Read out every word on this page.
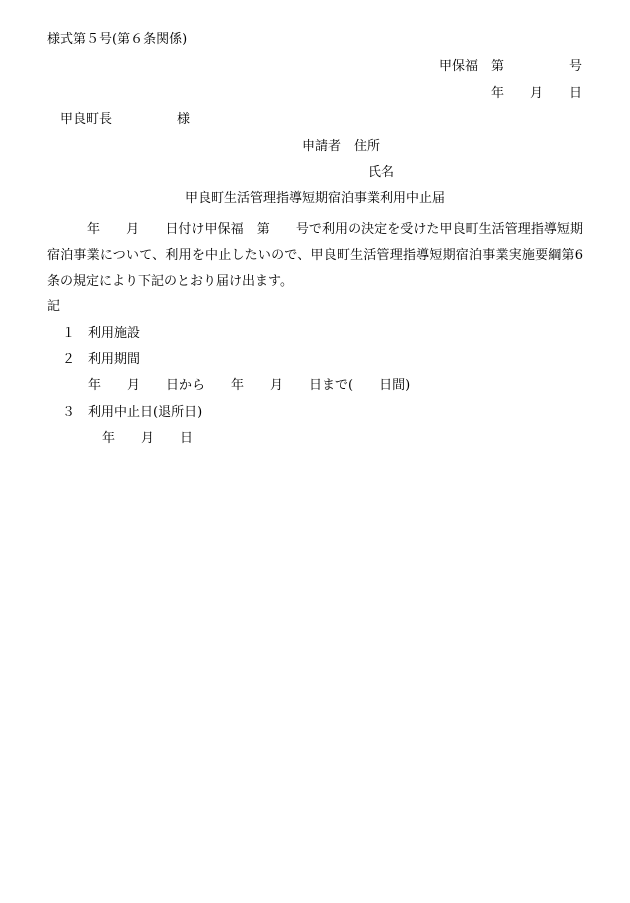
様式第５号(第６条関係)
甲保福　第　　　　　号
年　　月　　日
甲良町長　　　　　様
申請者　住所
氏名
甲良町生活管理指導短期宿泊事業利用中止届
年　　月　　日付け甲保福　第　　号で利用の決定を受けた甲良町生活管理指導短期宿泊事業について、利用を中止したいので、甲良町生活管理指導短期宿泊事業実施要綱第6条の規定により下記のとおり届け出ます。
記
１　利用施設
２　利用期間
年　　月　　日から　　年　　月　　日まで(　　日間)
３　利用中止日(退所日)
年　　月　　日
